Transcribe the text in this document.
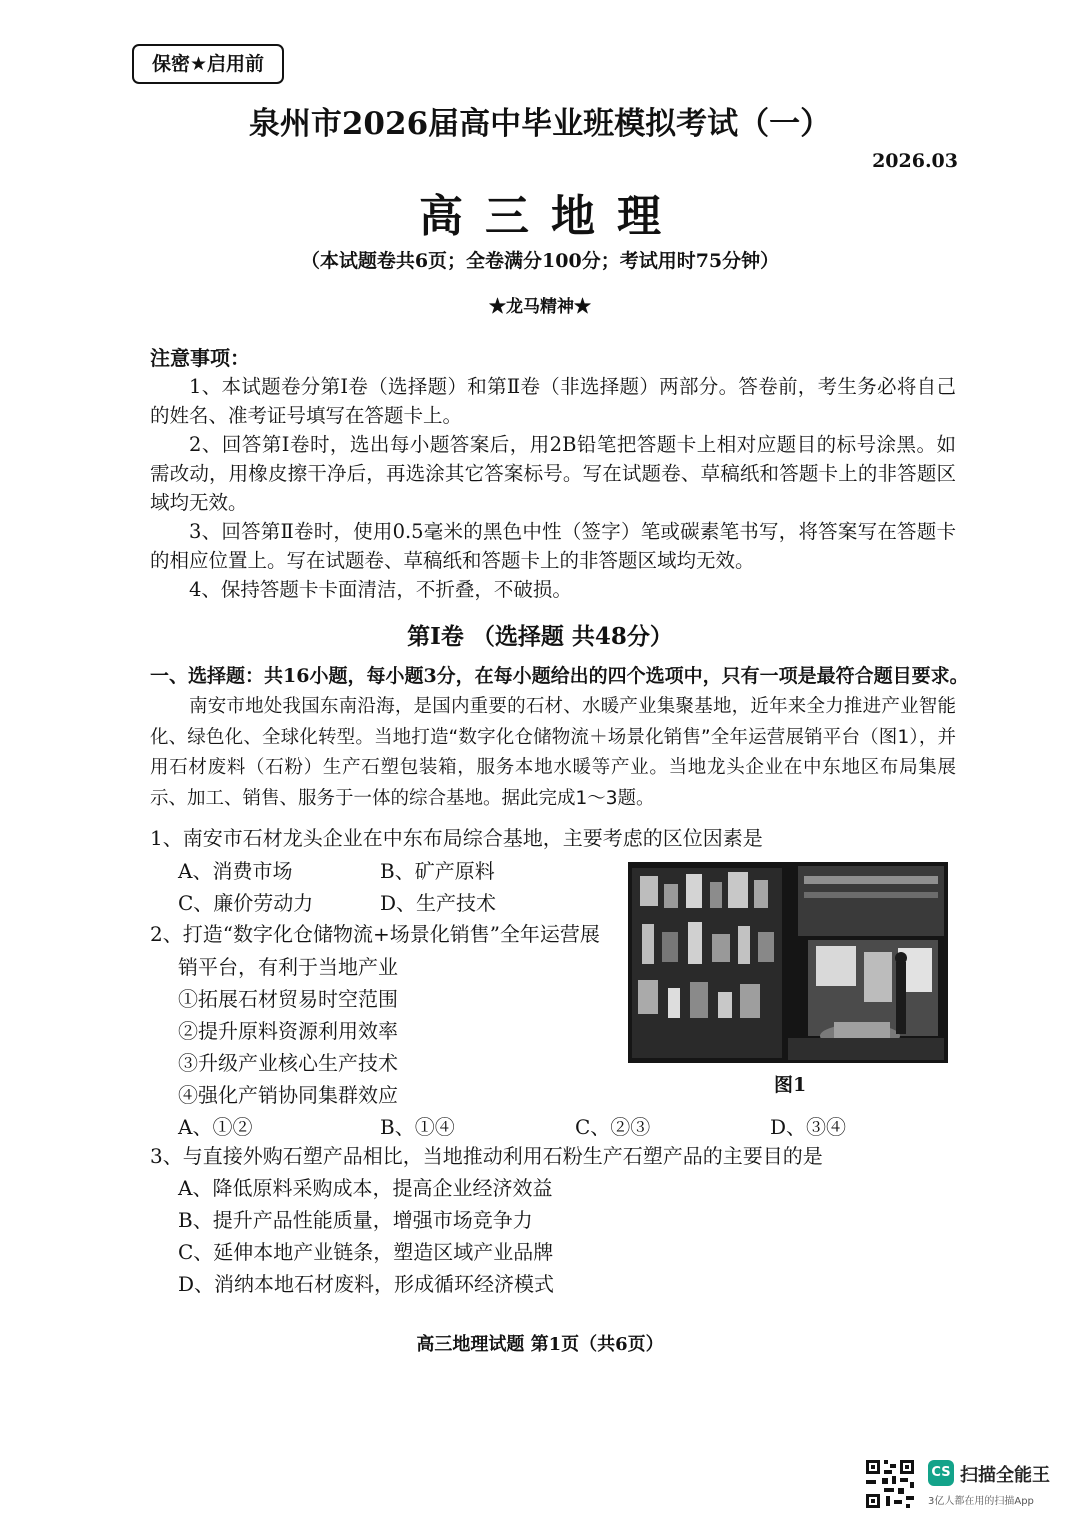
保密★启用前
泉州市2026届高中毕业班模拟考试（一）
2026.03
高三地理
（本试题卷共6页；全卷满分100分；考试用时75分钟）
★龙马精神★
注意事项：

1、本试题卷分第Ⅰ卷（选择题）和第Ⅱ卷（非选择题）两部分。答卷前，考生务必将自己的姓名、准考证号填写在答题卡上。

2、回答第Ⅰ卷时，选出每小题答案后，用2B铅笔把答题卡上相对应题目的标号涂黑。如需改动，用橡皮擦干净后，再选涂其它答案标号。写在试题卷、草稿纸和答题卡上的非答题区域均无效。

3、回答第Ⅱ卷时，使用0.5毫米的黑色中性（签字）笔或碳素笔书写，将答案写在答题卡的相应位置上。写在试题卷、草稿纸和答题卡上的非答题区域均无效。

4、保持答题卡卡面清洁，不折叠，不破损。

第Ⅰ卷 （选择题 共48分）

一、选择题：共16小题，每小题3分，在每小题给出的四个选项中，只有一项是最符合题目要求。

南安市地处我国东南沿海，是国内重要的石材、水暖产业集聚基地，近年来全力推进产业智能化、绿色化、全球化转型。当地打造“数字化仓储物流＋场景化销售”全年运营展销平台（图1），并用石材废料（石粉）生产石塑包装箱，服务本地水暖等产业。当地龙头企业在中东地区布局集展示、加工、销售、服务于一体的综合基地。据此完成1～3题。

1、南安市石材龙头企业在中东布局综合基地，主要考虑的区位因素是
A、消费市场	B、矿产原料
C、廉价劳动力	D、生产技术
2、打造“数字化仓储物流+场景化销售”全年运营展
销平台，有利于当地产业
①拓展石材贸易时空范围
②提升原料资源利用效率
③升级产业核心生产技术
④强化产销协同集群效应
A、①②	B、①④	C、②③	D、③④
图1
3、与直接外购石塑产品相比，当地推动利用石粉生产石塑产品的主要目的是
A、降低原料采购成本，提高企业经济效益
B、提升产品性能质量，增强市场竞争力
C、延伸本地产业链条，塑造区域产业品牌
D、消纳本地石材废料，形成循环经济模式
高三地理试题 第1页（共6页）
CS 扫描全能王
3亿人都在用的扫描App
